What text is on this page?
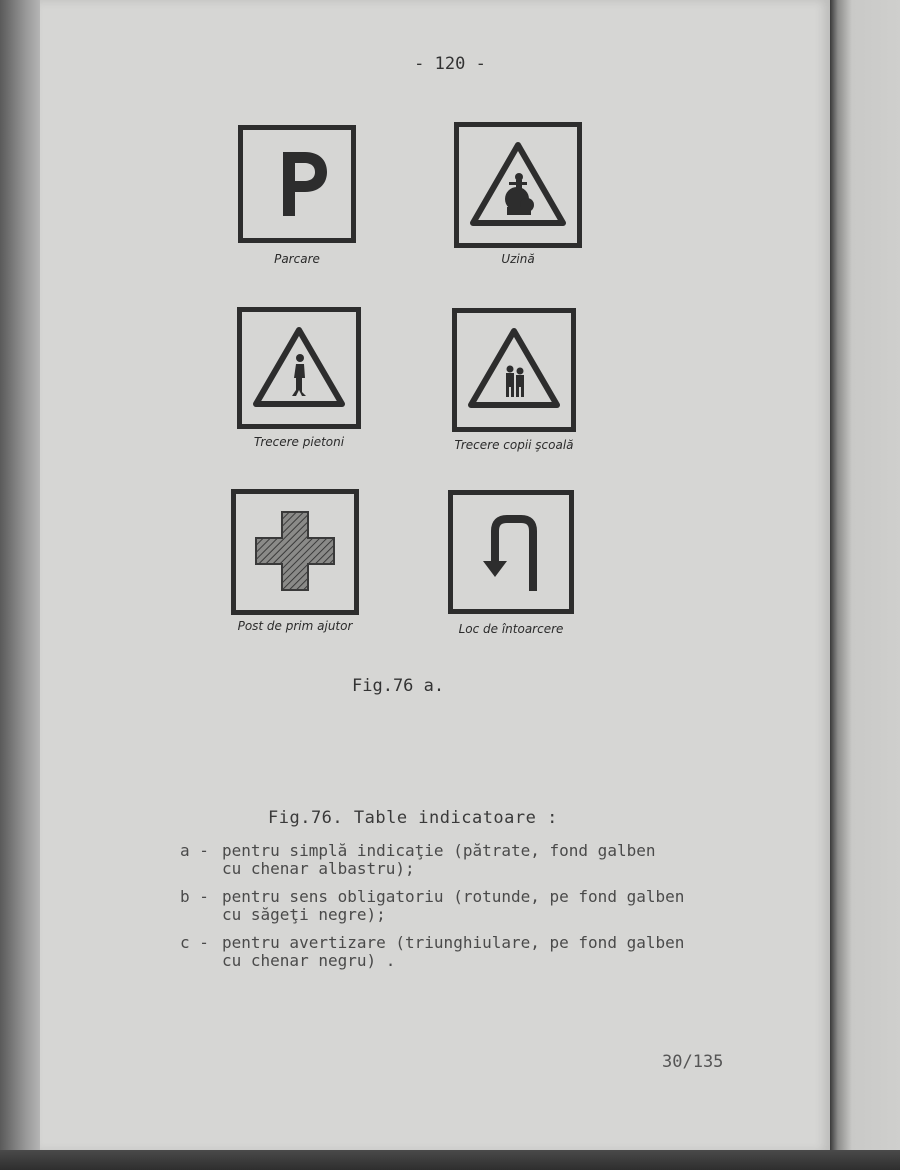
- 120 -
Parcare	Uzină
Trecere pietoni	Trecere copii şcoală
Post de prim ajutor	Loc de întoarcere
Fig.76 a.
Fig.76. Table indicatoare :
a - pentru simplă indicaţie (pătrate, fond galben
cu chenar albastru);
b - pentru sens obligatoriu (rotunde, pe fond galben
cu săgeţi negre);
c - pentru avertizare (triunghiulare, pe fond galben
cu chenar negru) .
30/135
